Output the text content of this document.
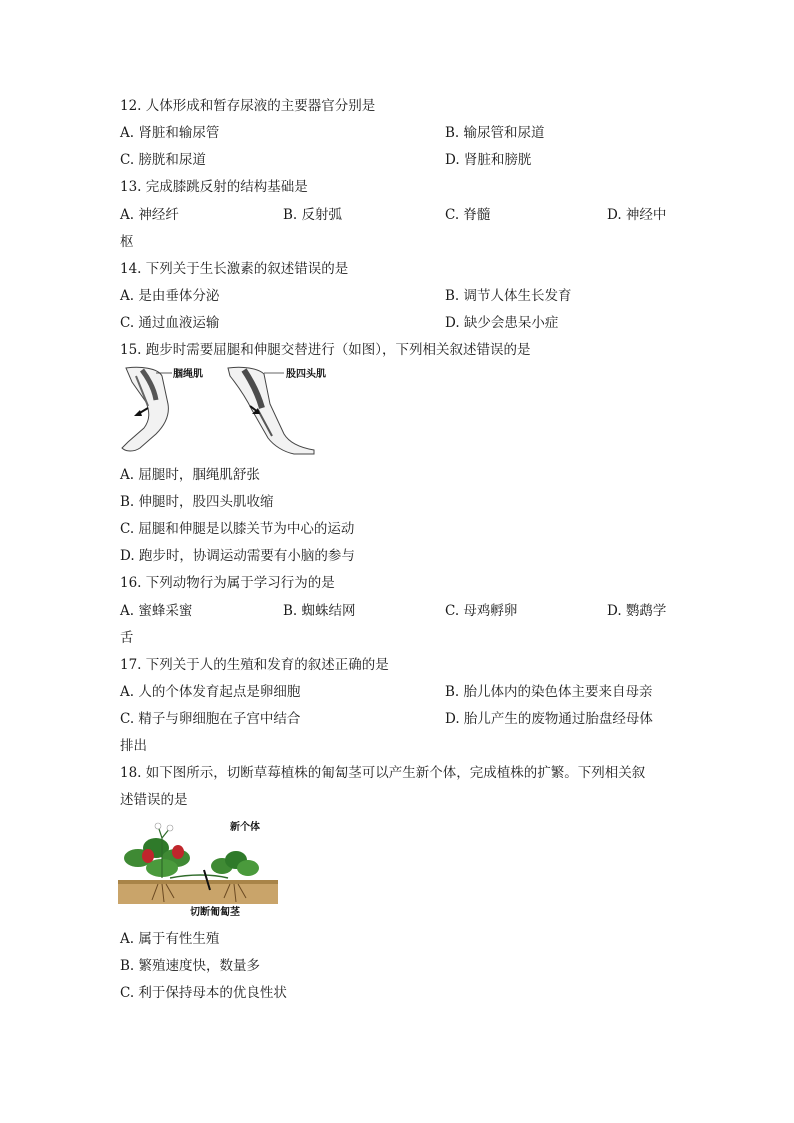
12. 人体形成和暂存尿液的主要器官分别是
A. 肾脏和输尿管	B. 输尿管和尿道
C. 膀胱和尿道	D. 肾脏和膀胱
13. 完成膝跳反射的结构基础是
A. 神经纤	B. 反射弧	C. 脊髓	D. 神经中
枢
14. 下列关于生长激素的叙述错误的是
A. 是由垂体分泌	B. 调节人体生长发育
C. 通过血液运输	D. 缺少会患呆小症
15. 跑步时需要屈腿和伸腿交替进行（如图），下列相关叙述错误的是
腘绳肌	股四头肌
A. 屈腿时，腘绳肌舒张
B. 伸腿时，股四头肌收缩
C. 屈腿和伸腿是以膝关节为中心的运动
D. 跑步时，协调运动需要有小脑的参与
16. 下列动物行为属于学习行为的是
A. 蜜蜂采蜜	B. 蜘蛛结网	C. 母鸡孵卵	D. 鹦鹉学
舌
17. 下列关于人的生殖和发育的叙述正确的是
A. 人的个体发育起点是卵细胞	B. 胎儿体内的染色体主要来自母亲
C. 精子与卵细胞在子宫中结合	D. 胎儿产生的废物通过胎盘经母体
排出
18. 如下图所示，切断草莓植株的匍匐茎可以产生新个体，完成植株的扩繁。下列相关叙
述错误的是
新个体
切断匍匐茎
A. 属于有性生殖
B. 繁殖速度快，数量多
C. 利于保持母本的优良性状
